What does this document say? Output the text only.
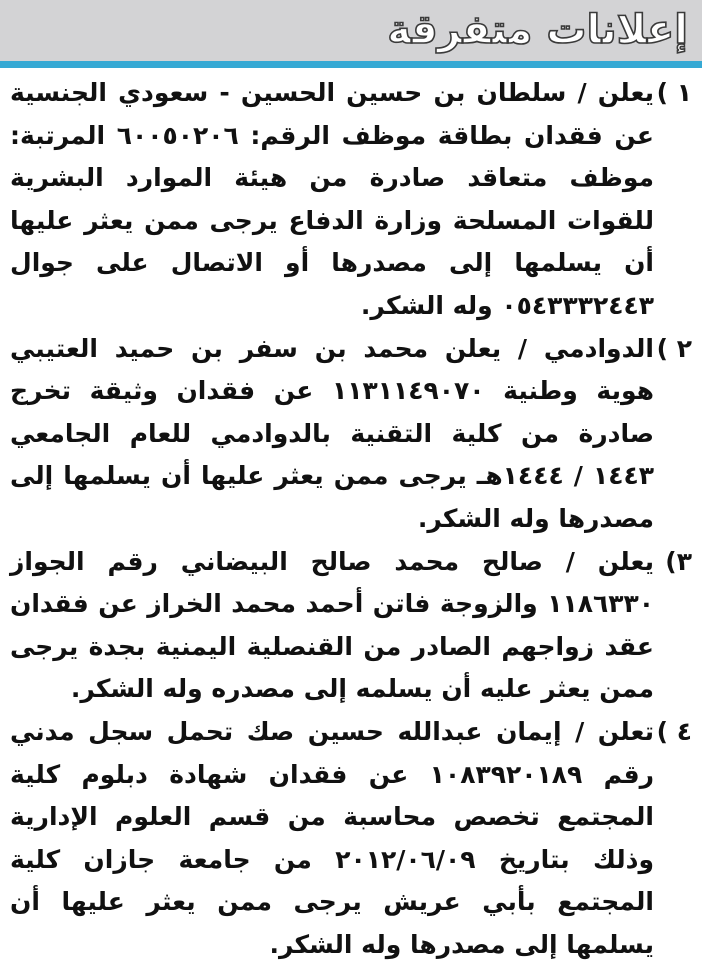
إعلانات متفرقة

١ )
يعلن / سلطان بن حسين الحسين - سعودي الجنسية عن فقدان بطاقة موظف الرقم: ٦٠٠٥٠٢٠٦ المرتبة: موظف متعاقد صادرة من هيئة الموارد البشرية للقوات المسلحة وزارة الدفاع يرجى ممن يعثر عليها أن يسلمها إلى مصدرها أو الاتصال على جوال ٠٥٤٣٣٣٢٤٤٣ وله الشكر.

٢ )
الدوادمي / يعلن محمد بن سفر بن حميد العتيبي هوية وطنية ١١٣١١٤٩٠٧٠ عن فقدان وثيقة تخرج صادرة من كلية التقنية بالدوادمي للعام الجامعي ١٤٤٣ / ١٤٤٤هـ يرجى ممن يعثر عليها أن يسلمها إلى مصدرها وله الشكر.

٣)
يعلن / صالح محمد صالح البيضاني رقم الجواز ١١٨٦٣٣٠ والزوجة فاتن أحمد محمد الخراز عن فقدان عقد زواجهم الصادر من القنصلية اليمنية بجدة يرجى ممن يعثر عليه أن يسلمه إلى مصدره وله الشكر.

٤ )
تعلن / إيمان عبدالله حسين صك تحمل سجل مدني رقم ١٠٨٣٩٢٠١٨٩ عن فقدان شهادة دبلوم كلية المجتمع تخصص محاسبة من قسم العلوم الإدارية وذلك بتاريخ ٢٠١٢/٠٦/٠٩ من جامعة جازان كلية المجتمع بأبي عريش يرجى ممن يعثر عليها أن يسلمها إلى مصدرها وله الشكر.
